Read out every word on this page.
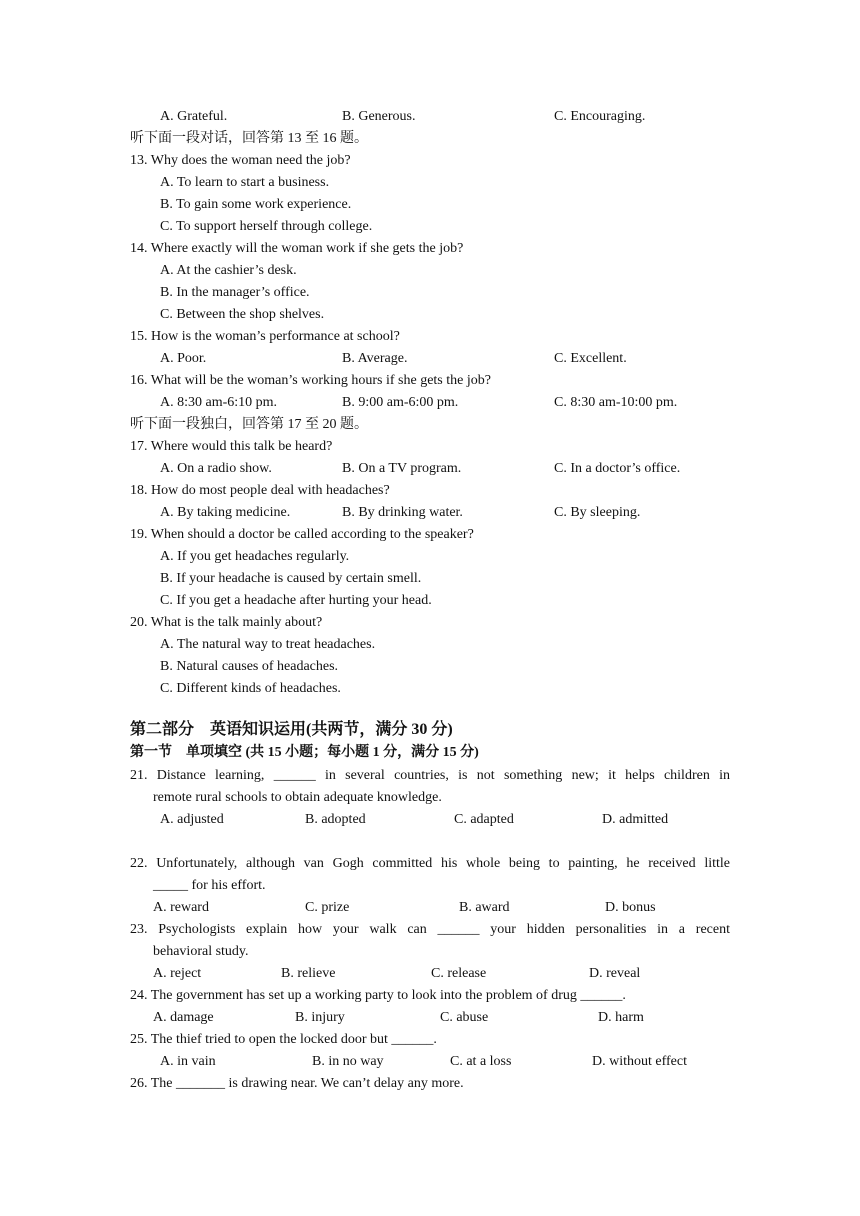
A. Grateful.	B. Generous.	C. Encouraging.
听下面一段对话，回答第 13 至 16 题。
13. Why does the woman need the job?
A. To learn to start a business.
B. To gain some work experience.
C. To support herself through college.
14. Where exactly will the woman work if she gets the job?
A. At the cashier’s desk.
B. In the manager’s office.
C. Between the shop shelves.
15. How is the woman’s performance at school?
A. Poor.	B. Average.	C. Excellent.
16. What will be the woman’s working hours if she gets the job?
A. 8:30 am-6:10 pm.	B. 9:00 am-6:00 pm.	C. 8:30 am-10:00 pm.
听下面一段独白，回答第 17 至 20 题。
17. Where would this talk be heard?
A. On a radio show.	B. On a TV program.	C. In a doctor’s office.
18. How do most people deal with headaches?
A. By taking medicine.	B. By drinking water.	C. By sleeping.
19. When should a doctor be called according to the speaker?
A. If you get headaches regularly.
B. If your headache is caused by certain smell.
C. If you get a headache after hurting your head.
20. What is the talk mainly about?
A. The natural way to treat headaches.
B. Natural causes of headaches.
C. Different kinds of headaches.
第二部分　英语知识运用(共两节，满分 30 分)
第一节　单项填空 (共 15 小题；每小题 1 分，满分 15 分)
21. Distance learning, ______ in several countries, is not something new; it helps children in
remote rural schools to obtain adequate knowledge.
A. adjusted	B. adopted	C. adapted	D. admitted
22. Unfortunately, although van Gogh committed his whole being to painting, he received little
_____ for his effort.
A. reward	C. prize	B. award	D. bonus
23. Psychologists explain how your walk can ______ your hidden personalities in a recent
behavioral study.
A. reject	B. relieve	C. release	D. reveal
24. The government has set up a working party to look into the problem of drug ______.
A. damage	B. injury	C. abuse	D. harm
25. The thief tried to open the locked door but ______.
A. in vain	B. in no way	C. at a loss	D. without effect
26. The _______ is drawing near. We can’t delay any more.
